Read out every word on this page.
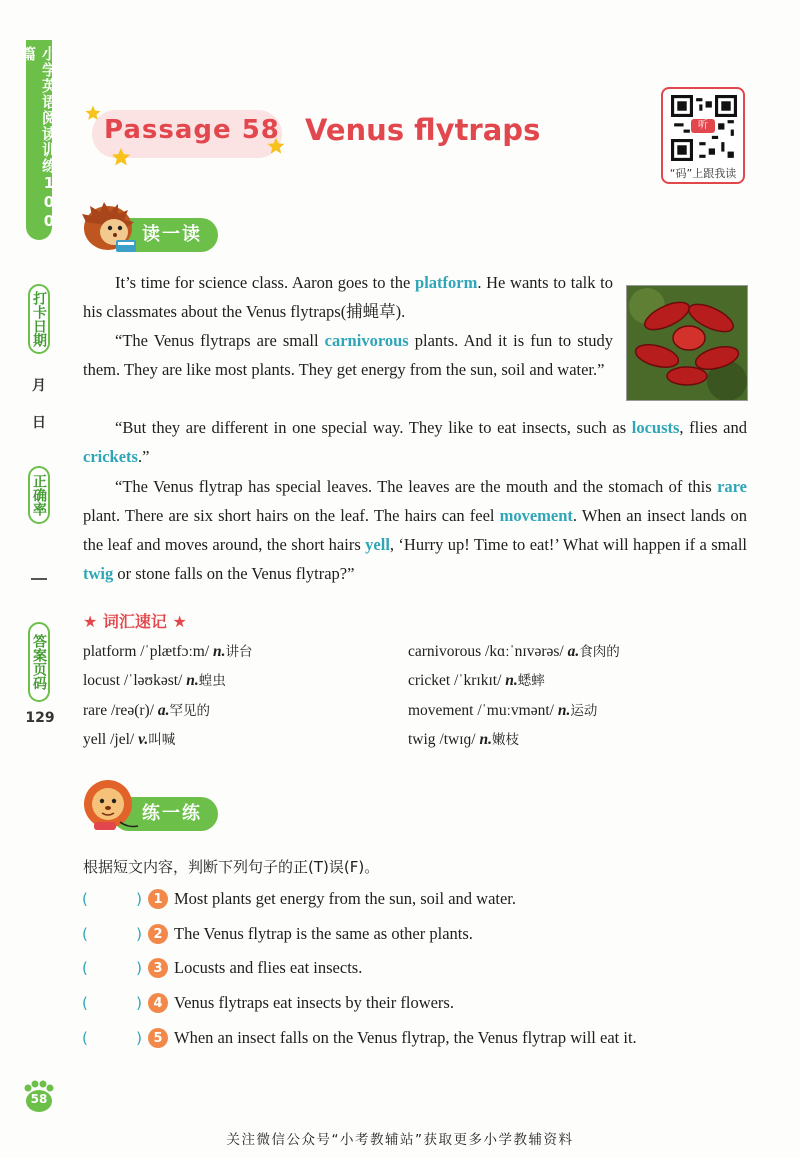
小学英语阅读训练100篇
打卡日期
月
日
正确率
答案页码
129
Passage 58 Venus flytraps	听
“码”上跟我读
读一读
It’s time for science class. Aaron goes to the platform. He wants to talk to his classmates about the Venus flytraps(捕蝇草).
“The Venus flytraps are small carnivorous plants. And it is fun to study them. They are like most plants. They get energy from the sun, soil and water.”
“But they are different in one special way. They like to eat insects, such as locusts, flies and crickets.”
“The Venus flytrap has special leaves. The leaves are the mouth and the stomach of this rare plant. There are six short hairs on the leaf. The hairs can feel movement. When an insect lands on the leaf and moves around, the short hairs yell, ‘Hurry up! Time to eat!’ What will happen if a small twig or stone falls on the Venus flytrap?”
★ 词汇速记 ★
platform /ˈplætfɔːm/ n.讲台	carnivorous /kɑːˈnɪvərəs/ a.食肉的
locust /ˈləʊkəst/ n.蝗虫	cricket /ˈkrɪkɪt/ n.蟋蟀
rare /reə(r)/ a.罕见的	movement /ˈmuːvmənt/ n.运动
yell /jel/ v.叫喊	twig /twɪɡ/ n.嫩枝
练一练
根据短文内容，判断下列句子的正(T)误(F)。
(	) 1 Most plants get energy from the sun, soil and water.
(	) 2 The Venus flytrap is the same as other plants.
(	) 3 Locusts and flies eat insects.
(	) 4 Venus flytraps eat insects by their flowers.
(	) 5 When an insect falls on the Venus flytrap, the Venus flytrap will eat it.
58
关注微信公众号“小考教辅站”获取更多小学教辅资料
